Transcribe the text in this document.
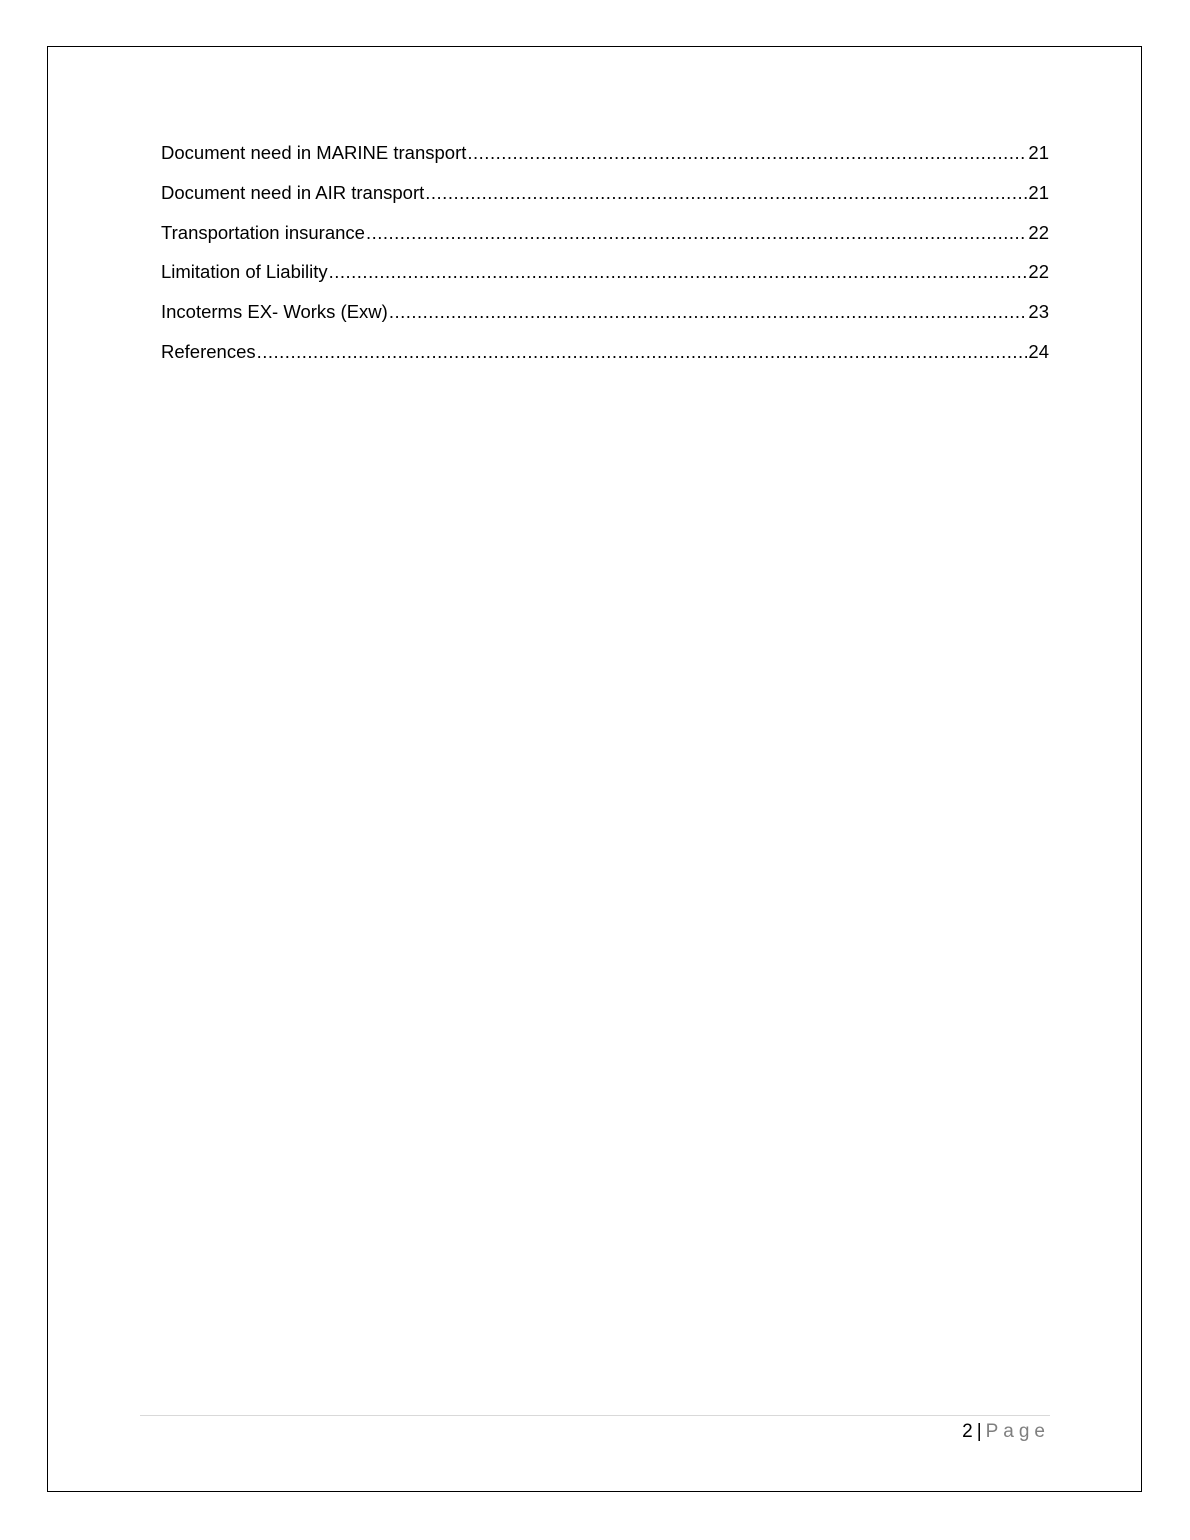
Document need in MARINE transport .....	21
Document need in AIR transport .....	21
Transportation insurance .....	22
Limitation of Liability .....	22
Incoterms EX- Works (Exw) .....	23
References .....	24
2 | Page
